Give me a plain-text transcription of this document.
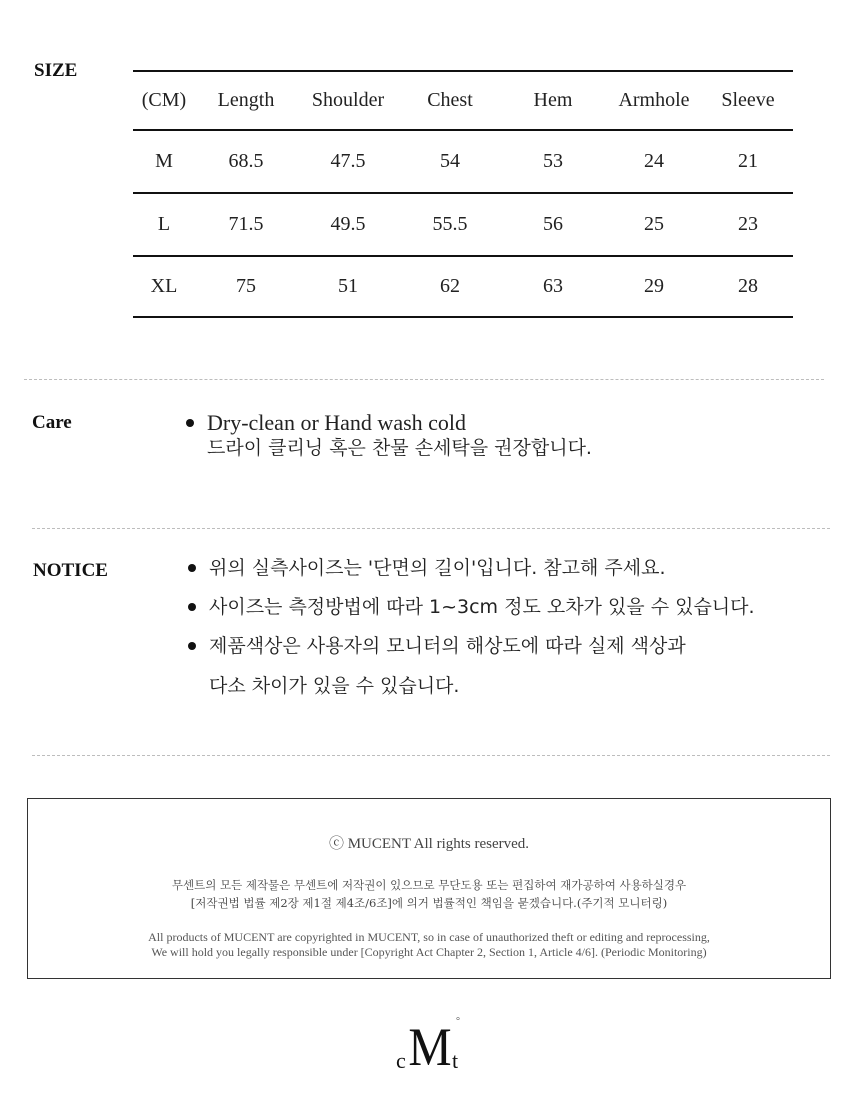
SIZE
(CM)	Length	Shoulder	Chest	Hem	Armhole	Sleeve
M	68.5	47.5	54	53	24	21
L	71.5	49.5	55.5	56	25	23
XL	75	51	62	63	29	28
Care	Dry-clean or Hand wash cold
드라이 클리닝 혹은 찬물 손세탁을 권장합니다.
NOTICE	위의 실측사이즈는 '단면의 길이'입니다. 참고해 주세요.
사이즈는 측정방법에 따라 1~3cm 정도 오차가 있을 수 있습니다.
제품색상은 사용자의 모니터의 해상도에 따라 실제 색상과
다소 차이가 있을 수 있습니다.
ⓒ MUCENT All rights reserved.
무센트의 모든 제작물은 무센트에 저작권이 있으므로 무단도용 또는 편집하여 재가공하여 사용하실경우
[저작권법 법률 제2장 제1절 제4조/6조]에 의거 법률적인 책임을 묻겠습니다.(주기적 모니터링)
All products of MUCENT are copyrighted in MUCENT, so in case of unauthorized theft or editing and reprocessing,
We will hold you legally responsible under [Copyright Act Chapter 2, Section 1, Article 4/6]. (Periodic Monitoring)
c M t
°
